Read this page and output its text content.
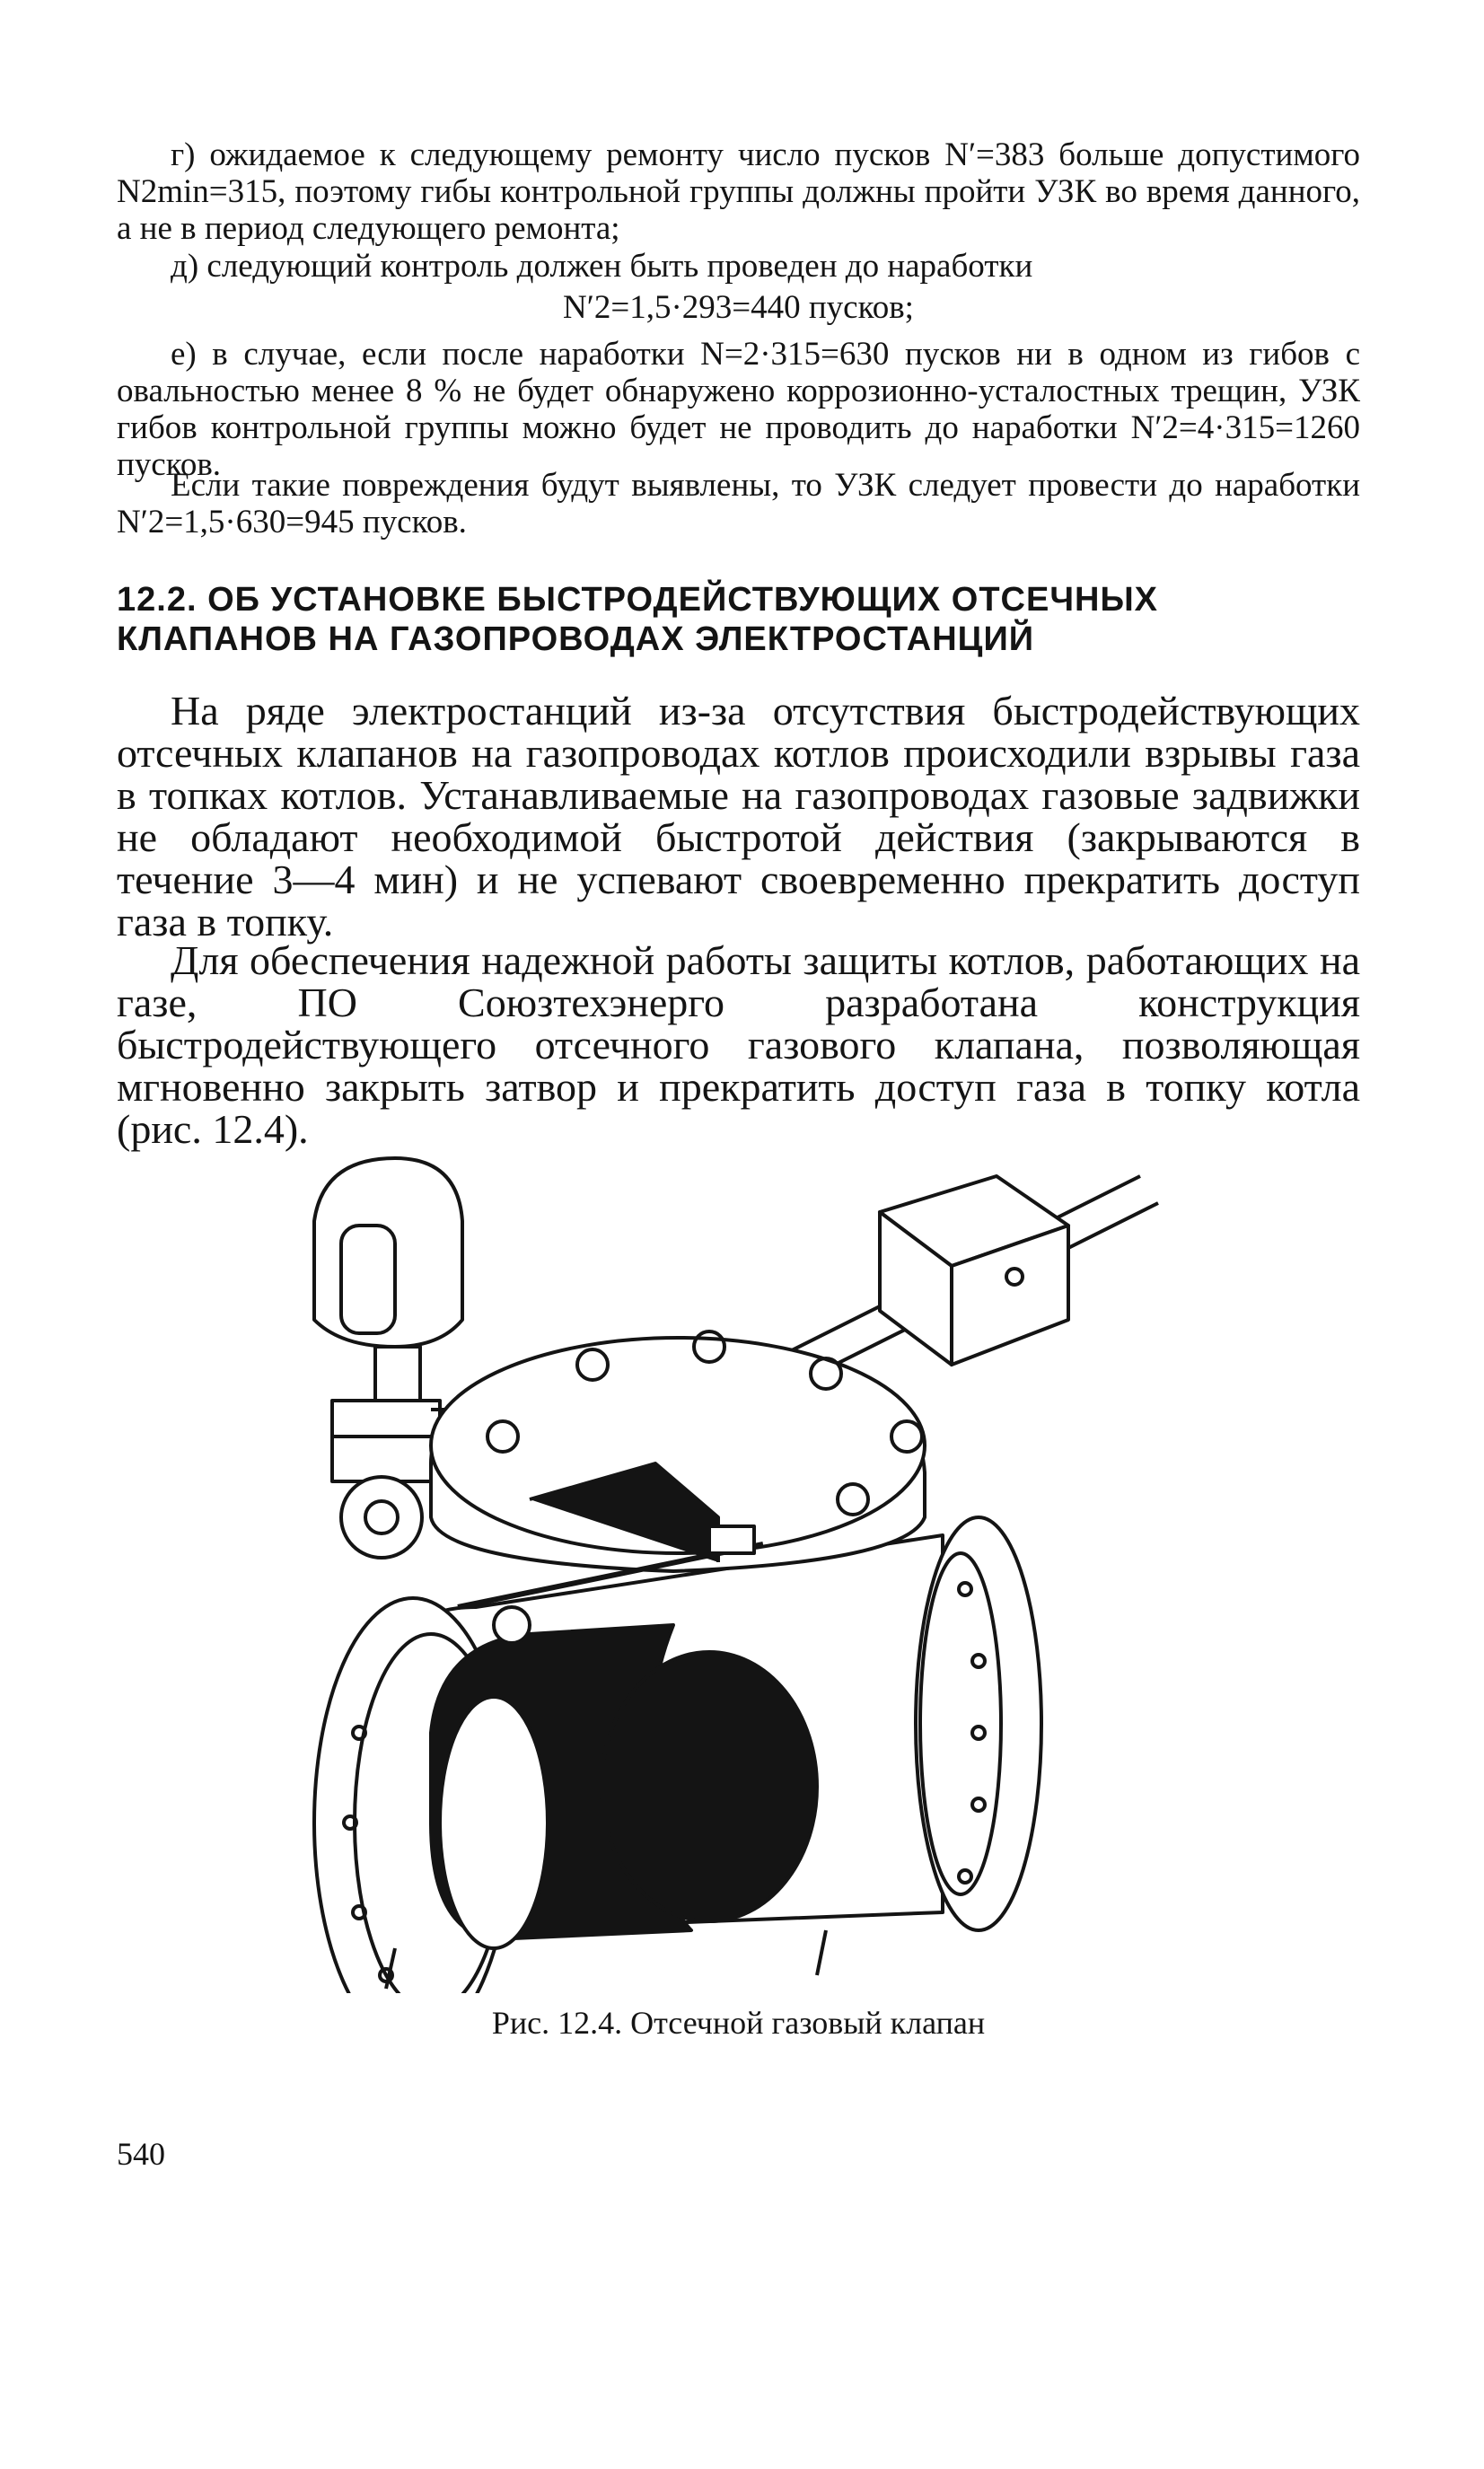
г) ожидаемое к следующему ремонту число пусков N′=383 больше допустимого N2min=315, поэтому гибы контрольной группы должны пройти УЗК во время данного, а не в период следующего ремонта;

д) следующий контроль должен быть проведен до наработки

N′2=1,5·293=440 пусков;

е) в случае, если после наработки N=2·315=630 пусков ни в одном из гибов с овальностью менее 8 % не будет обнаружено коррозионно-усталостных трещин, УЗК гибов контрольной группы можно будет не проводить до наработки N′2=4·315=1260 пусков.

Если такие повреждения будут выявлены, то УЗК следует провести до наработки N′2=1,5·630=945 пусков.

12.2. ОБ УСТАНОВКЕ БЫСТРОДЕЙСТВУЮЩИХ ОТСЕЧНЫХ
КЛАПАНОВ НА ГАЗОПРОВОДАХ ЭЛЕКТРОСТАНЦИЙ

На ряде электростанций из-за отсутствия быстродействующих отсечных клапанов на газопроводах котлов происходили взрывы газа в топках котлов. Устанавливаемые на газопроводах газовые задвижки не обладают необходимой быстротой действия (закрываются в течение 3—4 мин) и не успевают своевременно прекратить доступ газа в топку.

Для обеспечения надежной работы защиты котлов, работающих на газе, ПО Союзтехэнерго разработана конструкция быстродействующего отсечного газового клапана, позволяющая мгновенно закрыть затвор и прекратить доступ газа в топку котла (рис. 12.4).

Рис. 12.4. Отсечной газовый клапан

540
